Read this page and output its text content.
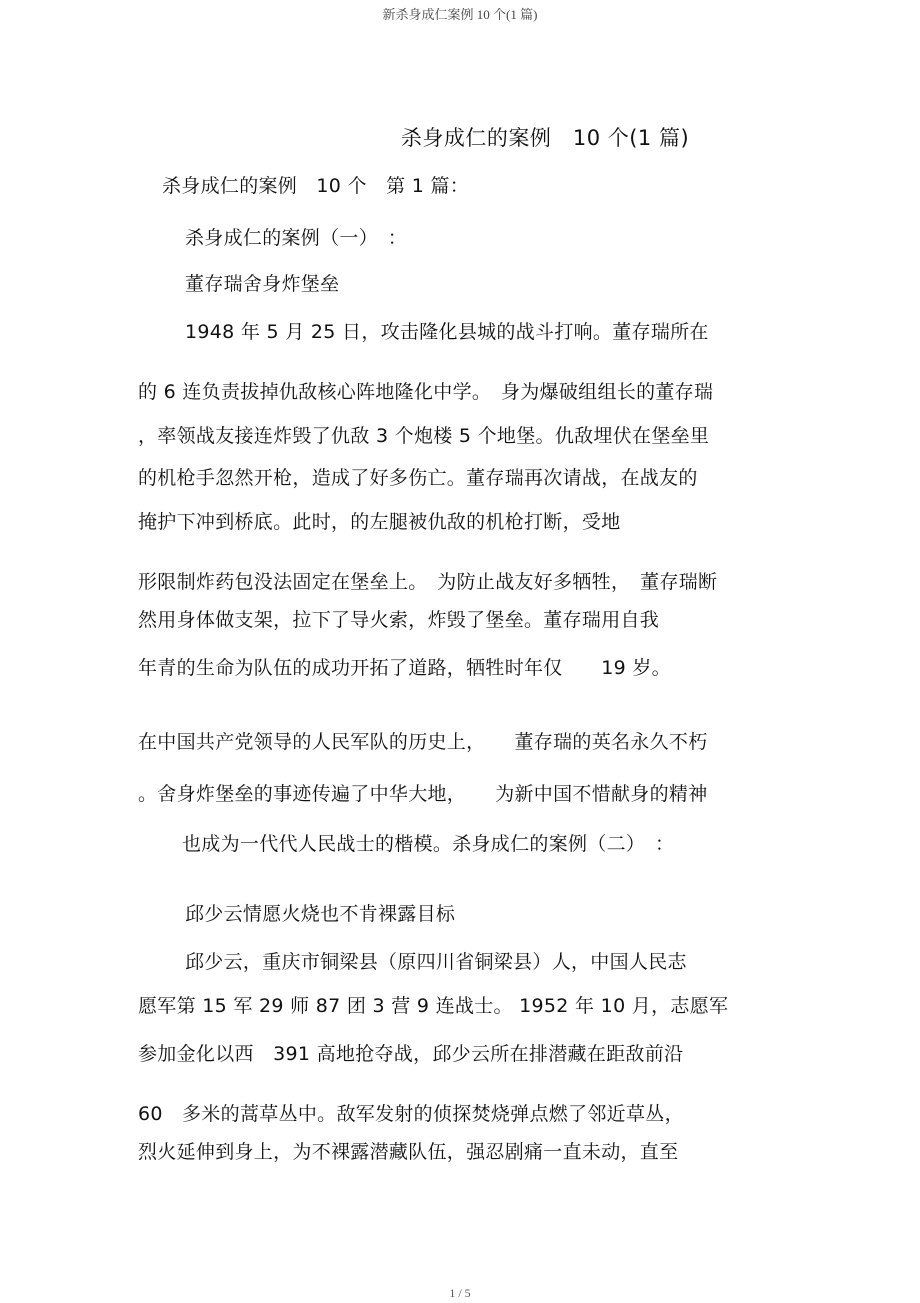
新杀身成仁案例 10 个(1 篇)
杀身成仁的案例　10 个(1 篇)
杀身成仁的案例　10 个　第 1 篇：
杀身成仁的案例（一）　：
董存瑞舍身炸堡垒
1948 年 5 月 25 日，攻击隆化县城的战斗打响。董存瑞所在
的 6 连负责拔掉仇敌核心阵地隆化中学。　身为爆破组组长的董存瑞
，率领战友接连炸毁了仇敌 3 个炮楼 5 个地堡。仇敌埋伏在堡垒里
的机枪手忽然开枪，造成了好多伤亡。董存瑞再次请战，在战友的
掩护下冲到桥底。此时，的左腿被仇敌的机枪打断，受地
形限制炸药包没法固定在堡垒上。　为防止战友好多牺牲，　董存瑞断
然用身体做支架，拉下了导火索，炸毁了堡垒。董存瑞用自我
年青的生命为队伍的成功开拓了道路，牺牲时年仅　　19 岁。
在中国共产党领导的人民军队的历史上，　　董存瑞的英名永久不朽
。舍身炸堡垒的事迹传遍了中华大地，　　为新中国不惜献身的精神
也成为一代代人民战士的楷模。杀身成仁的案例（二）　：
邱少云情愿火烧也不肯裸露目标
邱少云，重庆市铜梁县（原四川省铜梁县）人，中国人民志
愿军第 15 军 29 师 87 团 3 营 9 连战士。 1952 年 10 月，志愿军
参加金化以西　391 高地抢夺战，邱少云所在排潜藏在距敌前沿
60　多米的蒿草丛中。敌军发射的侦探焚烧弹点燃了邻近草丛，
烈火延伸到身上，为不裸露潜藏队伍，强忍剧痛一直未动，直至
1 / 5
